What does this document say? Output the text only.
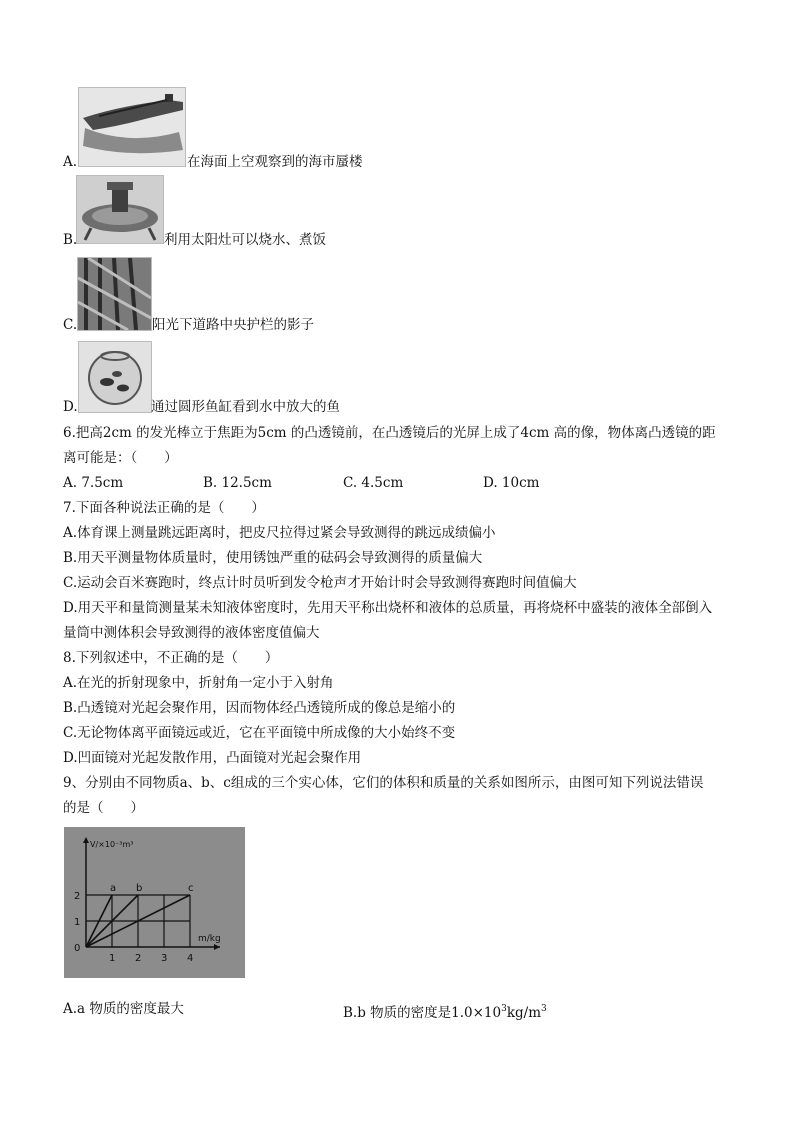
A.	在海面上空观察到的海市蜃楼
B.	利用太阳灶可以烧水、煮饭
C.	阳光下道路中央护栏的影子
D.	通过圆形鱼缸看到水中放大的鱼
6.把高2cm 的发光棒立于焦距为5cm 的凸透镜前，在凸透镜后的光屏上成了4cm 高的像，物体离凸透镜的距
离可能是：（　　）
A. 7.5cm	B. 12.5cm	C. 4.5cm	D. 10cm
7.下面各种说法正确的是（　　）
A.体育课上测量跳远距离时，把皮尺拉得过紧会导致测得的跳远成绩偏小
B.用天平测量物体质量时，使用锈蚀严重的砝码会导致测得的质量偏大
C.运动会百米赛跑时，终点计时员听到发令枪声才开始计时会导致测得赛跑时间值偏大
D.用天平和量筒测量某未知液体密度时，先用天平称出烧杯和液体的总质量，再将烧杯中盛装的液体全部倒入
量筒中测体积会导致测得的液体密度值偏大
8.下列叙述中，不正确的是（　　）
A.在光的折射现象中，折射角一定小于入射角
B.凸透镜对光起会聚作用，因而物体经凸透镜所成的像总是缩小的
C.无论物体离平面镜远或近，它在平面镜中所成像的大小始终不变
D.凹面镜对光起发散作用，凸面镜对光起会聚作用
9、分别由不同物质a、b、c组成的三个实心体，它们的体积和质量的关系如图所示，由图可知下列说法错误
的是（　　）
a b	c
1 2 3 4
1
2
0
V/×10⁻³m³
m/kg
A.a 物质的密度最大	B.b 物质的密度是$1.0\times 10^3kg/m^3$
